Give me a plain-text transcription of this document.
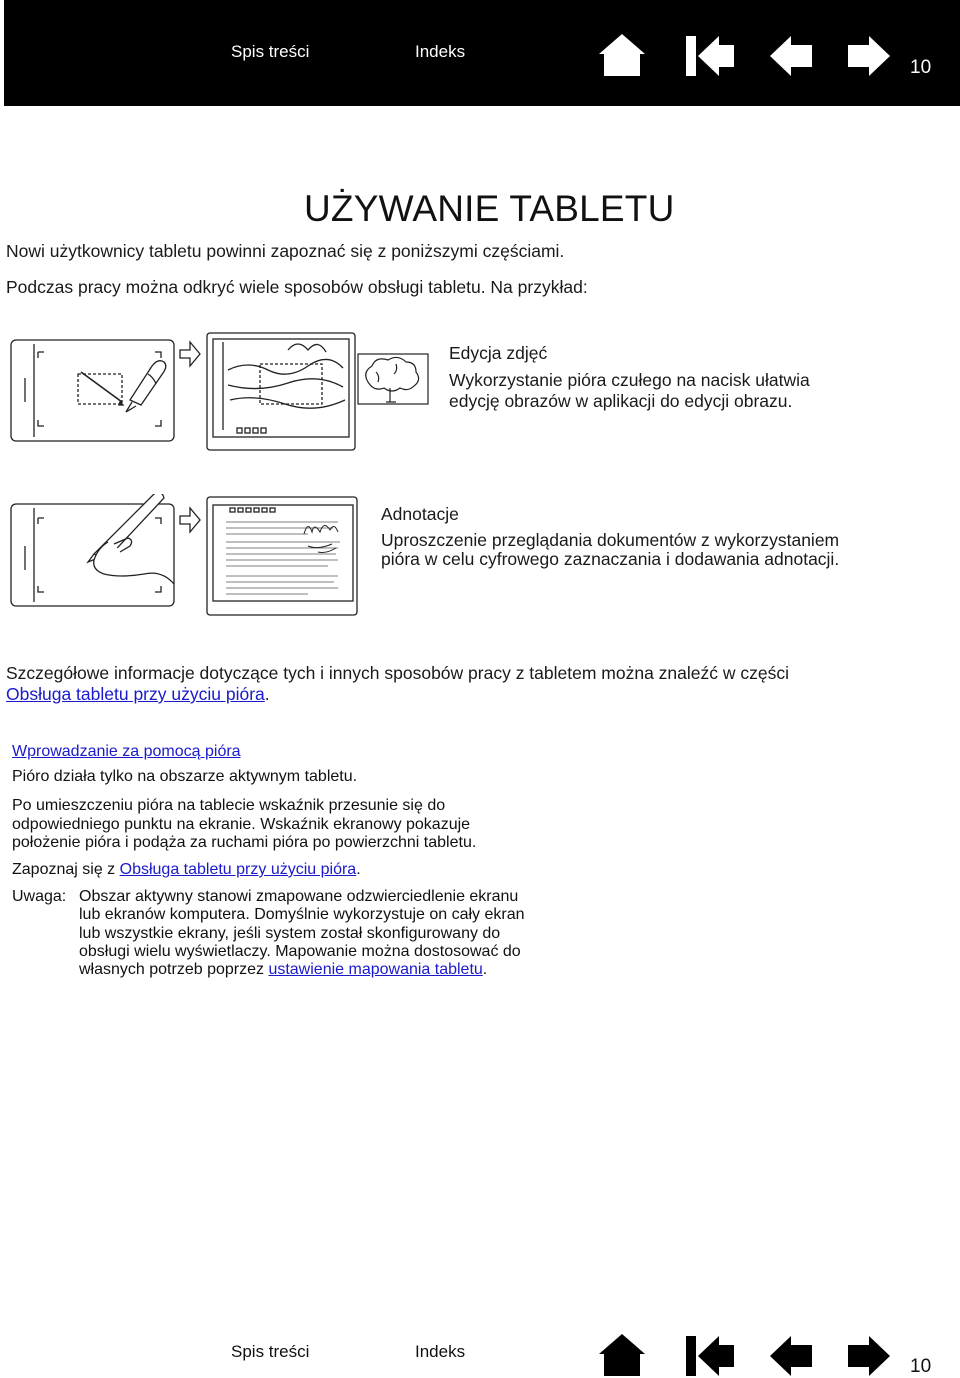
Spis treści	Indeks
10
UŻYWANIE TABLETU

Nowi użytkownicy tabletu powinni zapoznać się z poniższymi częściami.

Podczas pracy można odkryć wiele sposobów obsługi tabletu. Na przykład:

Edycja zdjęć

Wykorzystanie pióra czułego na nacisk ułatwia

edycję obrazów w aplikacji do edycji obrazu.

Adnotacje

Uproszczenie przeglądania dokumentów z wykorzystaniem

pióra w celu cyfrowego zaznaczania i dodawania adnotacji.

Szczegółowe informacje dotyczące tych i innych sposobów pracy z tabletem można znaleźć w części

Obsługa tabletu przy użyciu pióra.

Wprowadzanie za pomocą pióra

Pióro działa tylko na obszarze aktywnym tabletu.

Po umieszczeniu pióra na tablecie wskaźnik przesunie się do

odpowiedniego punktu na ekranie. Wskaźnik ekranowy pokazuje

położenie pióra i podąża za ruchami pióra po powierzchni tabletu.

Zapoznaj się z Obsługa tabletu przy użyciu pióra.

Uwaga: Obszar aktywny stanowi zmapowane odzwierciedlenie ekranu

lub ekranów komputera. Domyślnie wykorzystuje on cały ekran

lub wszystkie ekrany, jeśli system został skonfigurowany do

obsługi wielu wyświetlaczy. Mapowanie można dostosować do

własnych potrzeb poprzez ustawienie mapowania tabletu.

Spis treści	Indeks
10
